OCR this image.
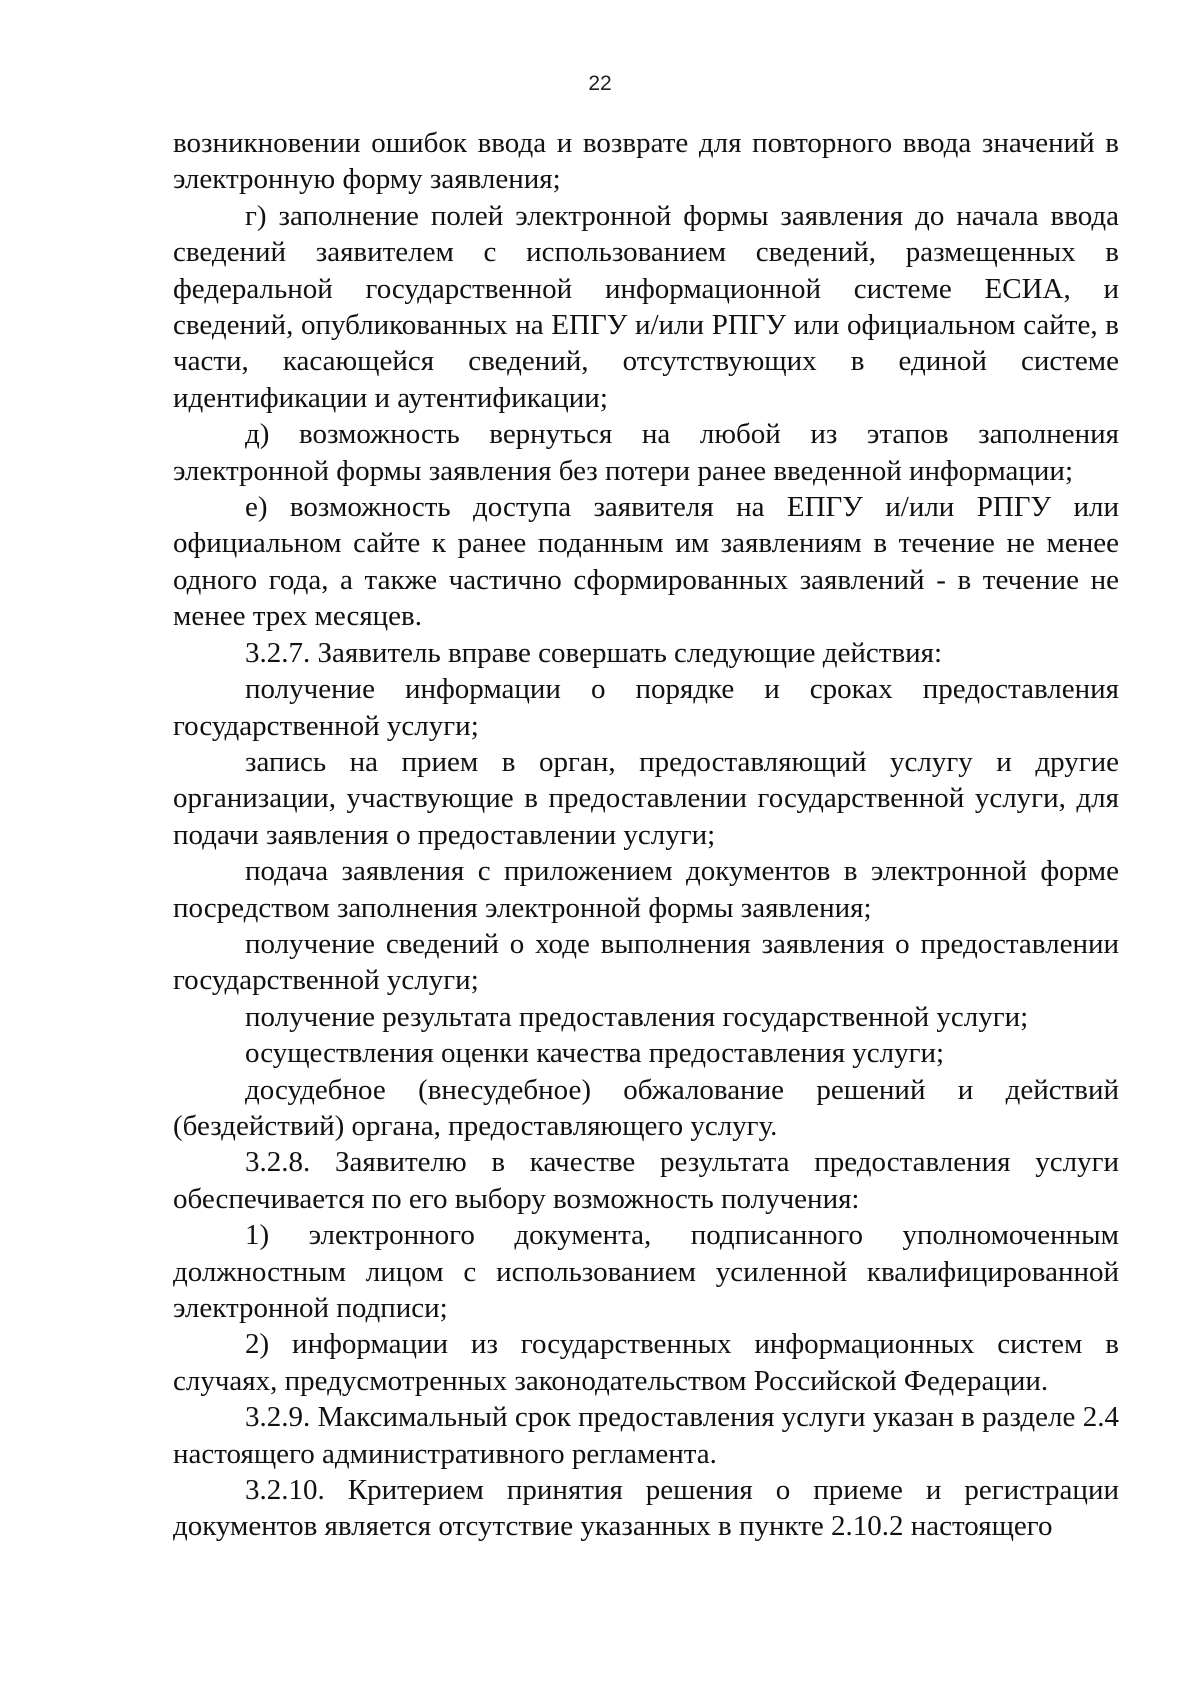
22

возникновении ошибок ввода и возврате для повторного ввода значений в электронную форму заявления;

г) заполнение полей электронной формы заявления до начала ввода сведений заявителем с использованием сведений, размещенных в федеральной государственной информационной системе ЕСИА, и сведений, опубликованных на ЕПГУ и/или РПГУ или официальном сайте, в части, касающейся сведений, отсутствующих в единой системе идентификации и аутентификации;

д) возможность вернуться на любой из этапов заполнения электронной формы заявления без потери ранее введенной информации;

е) возможность доступа заявителя на ЕПГУ и/или РПГУ или официальном сайте к ранее поданным им заявлениям в течение не менее одного года, а также частично сформированных заявлений - в течение не менее трех месяцев.

3.2.7. Заявитель вправе совершать следующие действия:

получение информации о порядке и сроках предоставления государственной услуги;

запись на прием в орган, предоставляющий услугу и другие организации, участвующие в предоставлении государственной услуги, для подачи заявления о предоставлении услуги;

подача заявления с приложением документов в электронной форме посредством заполнения электронной формы заявления;

получение сведений о ходе выполнения заявления о предоставлении государственной услуги;

получение результата предоставления государственной услуги;

осуществления оценки качества предоставления услуги;

досудебное (внесудебное) обжалование решений и действий (бездействий) органа, предоставляющего услугу.

3.2.8. Заявителю в качестве результата предоставления услуги обеспечивается по его выбору возможность получения:

1) электронного документа, подписанного уполномоченным должностным лицом с использованием усиленной квалифицированной электронной подписи;

2) информации из государственных информационных систем в случаях, предусмотренных законодательством Российской Федерации.

3.2.9. Максимальный срок предоставления услуги указан в разделе 2.4 настоящего административного регламента.

3.2.10. Критерием принятия решения о приеме и регистрации документов является отсутствие указанных в пункте 2.10.2 настоящего
